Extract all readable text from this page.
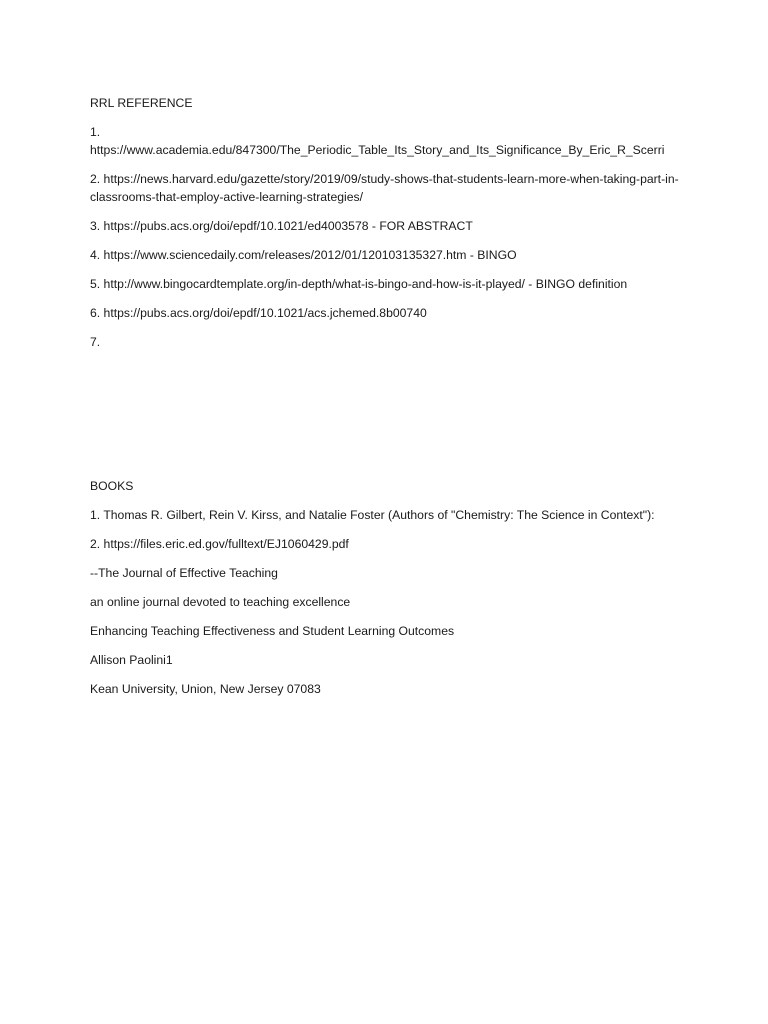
RRL REFERENCE

1.
https://www.academia.edu/847300/The_Periodic_Table_Its_Story_and_Its_Significance_By_Eric_R_Scerri

2. https://news.harvard.edu/gazette/story/2019/09/study-shows-that-students-learn-more-when-taking-part-in-classrooms-that-employ-active-learning-strategies/

3. https://pubs.acs.org/doi/epdf/10.1021/ed4003578 - FOR ABSTRACT

4. https://www.sciencedaily.com/releases/2012/01/120103135327.htm - BINGO

5. http://www.bingocardtemplate.org/in-depth/what-is-bingo-and-how-is-it-played/ - BINGO definition

6. https://pubs.acs.org/doi/epdf/10.1021/acs.jchemed.8b00740

7.

BOOKS

1. Thomas R. Gilbert, Rein V. Kirss, and Natalie Foster (Authors of "Chemistry: The Science in Context"):

2. https://files.eric.ed.gov/fulltext/EJ1060429.pdf

--The Journal of Effective Teaching

an online journal devoted to teaching excellence

Enhancing Teaching Effectiveness and Student Learning Outcomes

Allison Paolini1

Kean University, Union, New Jersey 07083
